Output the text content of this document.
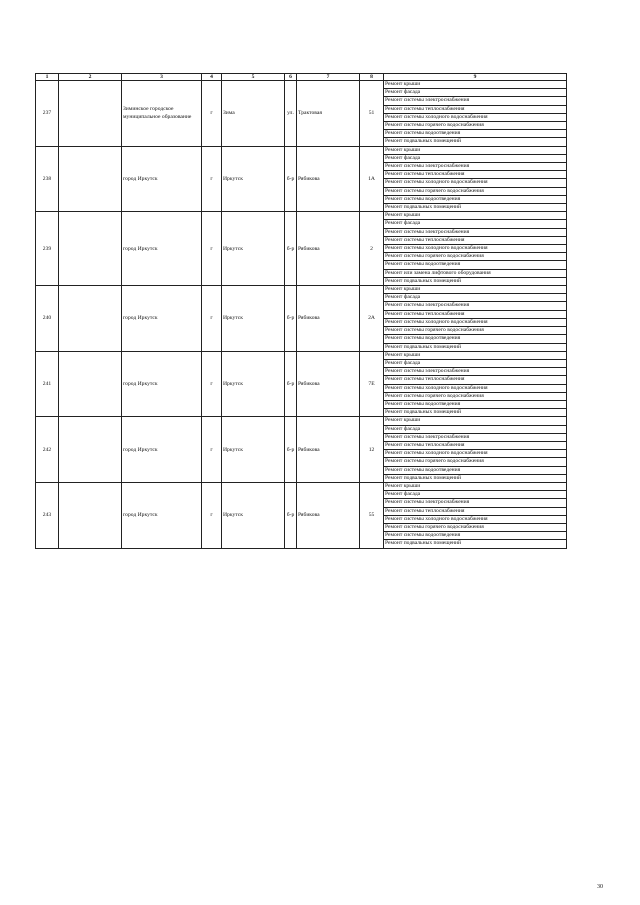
1	2	3	4	5	6	7	8	9
237		Зиминское городское муниципальное образование	г	Зима	ул.	Трактовая	51	Ремонт крыши
								Ремонт фасада
								Ремонт системы электроснабжения
								Ремонт системы теплоснабжения
								Ремонт системы холодного водоснабжения
								Ремонт системы горячего водоснабжения
								Ремонт системы водоотведения
								Ремонт подвальных помещений
238		город Иркутск	г	Иркутск	б-р	Рябикова	1А	Ремонт крыши
								Ремонт фасада
								Ремонт системы электроснабжения
								Ремонт системы теплоснабжения
								Ремонт системы холодного водоснабжения
								Ремонт системы горячего водоснабжения
								Ремонт системы водоотведения
								Ремонт подвальных помещений
239		город Иркутск	г	Иркутск	б-р	Рябикова	2	Ремонт крыши
								Ремонт фасада
								Ремонт системы электроснабжения
								Ремонт системы теплоснабжения
								Ремонт системы холодного водоснабжения
								Ремонт системы горячего водоснабжения
								Ремонт системы водоотведения
								Ремонт или замена лифтового оборудования
								Ремонт подвальных помещений
240		город Иркутск	г	Иркутск	б-р	Рябикова	2А	Ремонт крыши
								Ремонт фасада
								Ремонт системы электроснабжения
								Ремонт системы теплоснабжения
								Ремонт системы холодного водоснабжения
								Ремонт системы горячего водоснабжения
								Ремонт системы водоотведения
								Ремонт подвальных помещений
241		город Иркутск	г	Иркутск	б-р	Рябикова	7Е	Ремонт крыши
								Ремонт фасада
								Ремонт системы электроснабжения
								Ремонт системы теплоснабжения
								Ремонт системы холодного водоснабжения
								Ремонт системы горячего водоснабжения
								Ремонт системы водоотведения
								Ремонт подвальных помещений
242		город Иркутск	г	Иркутск	б-р	Рябикова	12	Ремонт крыши
								Ремонт фасада
								Ремонт системы электроснабжения
								Ремонт системы теплоснабжения
								Ремонт системы холодного водоснабжения
								Ремонт системы горячего водоснабжения
								Ремонт системы водоотведения
								Ремонт подвальных помещений
243		город Иркутск	г	Иркутск	б-р	Рябикова	55	Ремонт крыши
								Ремонт фасада
								Ремонт системы электроснабжения
								Ремонт системы теплоснабжения
								Ремонт системы холодного водоснабжения
								Ремонт системы горячего водоснабжения
								Ремонт системы водоотведения
								Ремонт подвальных помещений
30
